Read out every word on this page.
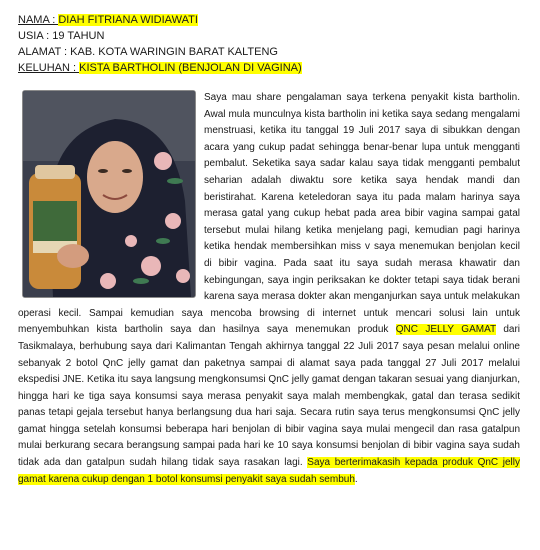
NAMA : DIAH FITRIANA WIDIAWATI
USIA : 19 TAHUN
ALAMAT : KAB. KOTA WARINGIN BARAT KALTENG
KELUHAN : KISTA BARTHOLIN (BENJOLAN DI VAGINA)

Saya mau share pengalaman saya terkena penyakit kista bartholin. Awal mula munculnya kista bartholin ini ketika saya sedang mengalami menstruasi, ketika itu tanggal 19 Juli 2017 saya di sibukkan dengan acara yang cukup padat sehingga benar-benar lupa untuk mengganti pembalut. Seketika saya sadar kalau saya tidak mengganti pembalut seharian adalah diwaktu sore ketika saya hendak mandi dan beristirahat. Karena keteledoran saya itu pada malam harinya saya merasa gatal yang cukup hebat pada area bibir vagina sampai gatal tersebut mulai hilang ketika menjelang pagi, kemudian pagi harinya ketika hendak membersihkan miss v saya menemukan benjolan kecil di bibir vagina. Pada saat itu saya sudah merasa khawatir dan kebingungan, saya ingin periksakan ke dokter tetapi saya tidak berani karena saya merasa dokter akan menganjurkan saya untuk melakukan operasi kecil. Sampai kemudian saya mencoba browsing di internet untuk mencari solusi lain untuk menyembuhkan kista bartholin saya dan hasilnya saya menemukan produk QNC JELLY GAMAT dari Tasikmalaya, berhubung saya dari Kalimantan Tengah akhirnya tanggal 22 Juli 2017 saya pesan melalui online sebanyak 2 botol QnC jelly gamat dan paketnya sampai di alamat saya pada tanggal 27 Juli 2017 melalui ekspedisi JNE. Ketika itu saya langsung mengkonsumsi QnC jelly gamat dengan takaran sesuai yang dianjurkan, hingga hari ke tiga saya konsumsi saya merasa penyakit saya malah membengkak, gatal dan terasa sedikit panas tetapi gejala tersebut hanya berlangsung dua hari saja. Secara rutin saya terus mengkonsumsi QnC jelly gamat hingga setelah konsumsi beberapa hari benjolan di bibir vagina saya mulai mengecil dan rasa gatalpun mulai berkurang secara berangsung sampai pada hari ke 10 saya konsumsi benjolan di bibir vagina saya sudah tidak ada dan gatalpun sudah hilang tidak saya rasakan lagi. Saya berterimakasih kepada produk QnC jelly gamat karena cukup dengan 1 botol konsumsi penyakit saya sudah sembuh.
